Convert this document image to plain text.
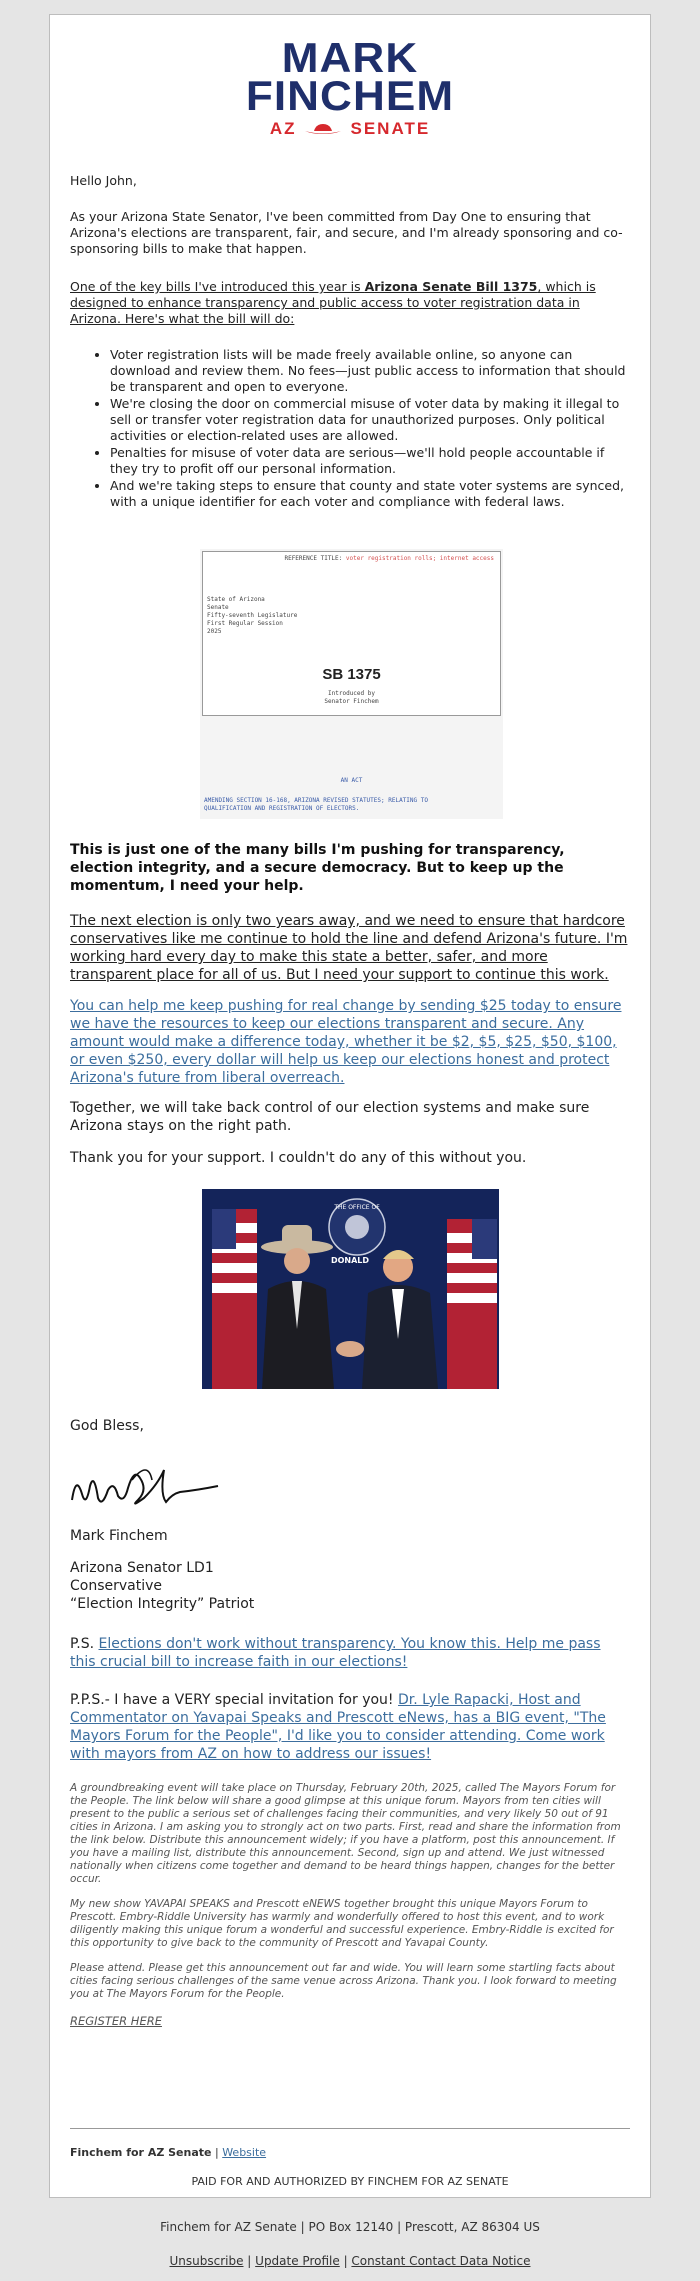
MARK
FINCHEM
AZ	SENATE

Hello John,

As your Arizona State Senator, I've been committed from Day One to ensuring that Arizona's elections are transparent, fair, and secure, and I'm already sponsoring and co-sponsoring bills to make that happen.

One of the key bills I've introduced this year is Arizona Senate Bill 1375, which is designed to enhance transparency and public access to voter registration data in Arizona. Here's what the bill will do:

• Voter registration lists will be made freely available online, so anyone can download and review them. No fees—just public access to information that should be transparent and open to everyone.
• We're closing the door on commercial misuse of voter data by making it illegal to sell or transfer voter registration data for unauthorized purposes. Only political activities or election-related uses are allowed.
• Penalties for misuse of voter data are serious—we'll hold people accountable if they try to profit off our personal information.
• And we're taking steps to ensure that county and state voter systems are synced, with a unique identifier for each voter and compliance with federal laws.
REFERENCE TITLE: voter registration rolls; internet access
State of Arizona
Senate
Fifty-seventh Legislature
First Regular Session
2025
SB 1375
Introduced by
Senator Finchem
AN ACT
AMENDING SECTION 16-168, ARIZONA REVISED STATUTES; RELATING TO
QUALIFICATION AND REGISTRATION OF ELECTORS.

This is just one of the many bills I'm pushing for transparency, election integrity, and a secure democracy. But to keep up the momentum, I need your help.

The next election is only two years away, and we need to ensure that hardcore conservatives like me continue to hold the line and defend Arizona's future. I'm working hard every day to make this state a better, safer, and more transparent place for all of us. But I need your support to continue this work.

You can help me keep pushing for real change by sending $25 today to ensure we have the resources to keep our elections transparent and secure. Any amount would make a difference today, whether it be $2, $5, $25, $50, $100, or even $250, every dollar will help us keep our elections honest and protect Arizona's future from liberal overreach.

Together, we will take back control of our election systems and make sure Arizona stays on the right path.

Thank you for your support. I couldn't do any of this without you.

THE OFFICE OF
DONALD

God Bless,

Mark Finchem

Arizona Senator LD1

Conservative

“Election Integrity” Patriot

P.S. Elections don't work without transparency. You know this. Help me pass this crucial bill to increase faith in our elections!

P.P.S.- I have a VERY special invitation for you! Dr. Lyle Rapacki, Host and Commentator on Yavapai Speaks and Prescott eNews, has a BIG event, "The Mayors Forum for the People", I'd like you to consider attending. Come work with mayors from AZ on how to address our issues!

A groundbreaking event will take place on Thursday, February 20th, 2025, called The Mayors Forum for the People. The link below will share a good glimpse at this unique forum. Mayors from ten cities will present to the public a serious set of challenges facing their communities, and very likely 50 out of 91 cities in Arizona. I am asking you to strongly act on two parts. First, read and share the information from the link below. Distribute this announcement widely; if you have a platform, post this announcement. If you have a mailing list, distribute this announcement. Second, sign up and attend. We just witnessed nationally when citizens come together and demand to be heard things happen, changes for the better occur.

My new show YAVAPAI SPEAKS and Prescott eNEWS together brought this unique Mayors Forum to Prescott. Embry-Riddle University has warmly and wonderfully offered to host this event, and to work diligently making this unique forum a wonderful and successful experience. Embry-Riddle is excited for this opportunity to give back to the community of Prescott and Yavapai County.

Please attend. Please get this announcement out far and wide. You will learn some startling facts about cities facing serious challenges of the same venue across Arizona. Thank you. I look forward to meeting you at The Mayors Forum for the People.

REGISTER HERE

Finchem for AZ Senate | Website
PAID FOR AND AUTHORIZED BY FINCHEM FOR AZ SENATE
Finchem for AZ Senate | PO Box 12140 | Prescott, AZ 86304 US
Unsubscribe | Update Profile | Constant Contact Data Notice
